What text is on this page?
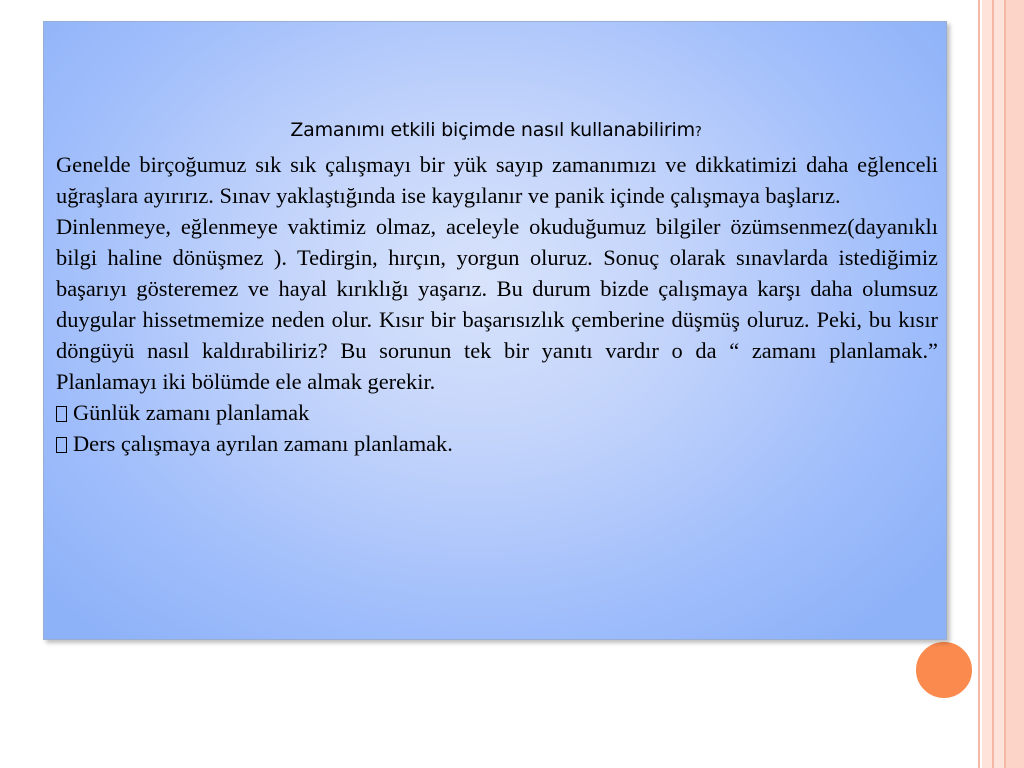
Zamanımı etkili biçimde nasıl kullanabilirim?

Genelde birçoğumuz sık sık çalışmayı bir yük sayıp zamanımızı ve dikkatimizi daha eğlenceli uğraşlara ayırırız. Sınav yaklaştığında ise kaygılanır ve panik içinde çalışmaya başlarız.

Dinlenmeye, eğlenmeye vaktimiz olmaz, aceleyle okuduğumuz bilgiler özümsenmez(dayanıklı bilgi haline dönüşmez ). Tedirgin, hırçın, yorgun oluruz. Sonuç olarak sınavlarda istediğimiz başarıyı gösteremez ve hayal kırıklığı yaşarız. Bu durum bizde çalışmaya karşı daha olumsuz duygular hissetmemize neden olur. Kısır bir başarısızlık çemberine düşmüş oluruz. Peki, bu kısır döngüyü nasıl kaldırabiliriz? Bu sorunun tek bir yanıtı vardır o da “ zamanı planlamak.” Planlamayı iki bölümde ele almak gerekir.

Günlük zamanı planlamak

Ders çalışmaya ayrılan zamanı planlamak.
